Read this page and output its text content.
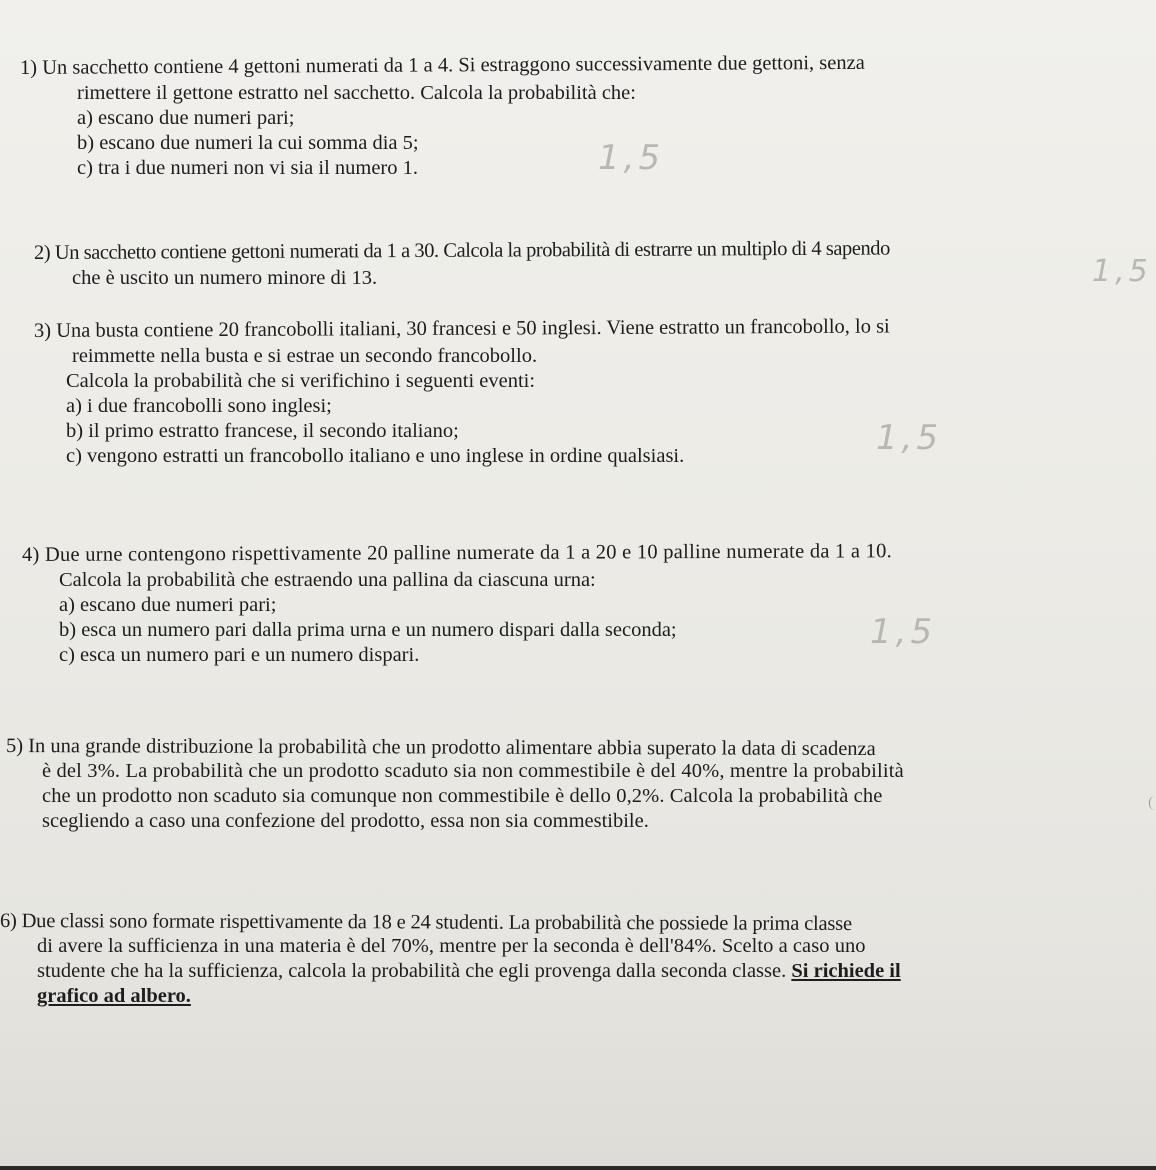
1) Un sacchetto contiene 4 gettoni numerati da 1 a 4. Si estraggono successivamente due gettoni, senza
rimettere il gettone estratto nel sacchetto. Calcola la probabilità che:
a) escano due numeri pari;
b) escano due numeri la cui somma dia 5;
c) tra i due numeri non vi sia il numero 1.	1,5
2) Un sacchetto contiene gettoni numerati da 1 a 30. Calcola la probabilità di estrarre un multiplo di 4 sapendo
che è uscito un numero minore di 13.	1,5
3) Una busta contiene 20 francobolli italiani, 30 francesi e 50 inglesi. Viene estratto un francobollo, lo si
reimmette nella busta e si estrae un secondo francobollo.
Calcola la probabilità che si verifichino i seguenti eventi:
a) i due francobolli sono inglesi;
b) il primo estratto francese, il secondo italiano;
c) vengono estratti un francobollo italiano e uno inglese in ordine qualsiasi.	1,5
4) Due urne contengono rispettivamente 20 palline numerate da 1 a 20 e 10 palline numerate da 1 a 10.
Calcola la probabilità che estraendo una pallina da ciascuna urna:
a) escano due numeri pari;
b) esca un numero pari dalla prima urna e un numero dispari dalla seconda;
c) esca un numero pari e un numero dispari.
1,5
5) In una grande distribuzione la probabilità che un prodotto alimentare abbia superato la data di scadenza
è del 3%. La probabilità che un prodotto scaduto sia non commestibile è del 40%, mentre la probabilità
che un prodotto non scaduto sia comunque non commestibile è dello 0,2%. Calcola la probabilità che
scegliendo a caso una confezione del prodotto, essa non sia commestibile.
6) Due classi sono formate rispettivamente da 18 e 24 studenti. La probabilità che possiede la prima classe
di avere la sufficienza in una materia è del 70%, mentre per la seconda è dell'84%. Scelto a caso uno
studente che ha la sufficienza, calcola la probabilità che egli provenga dalla seconda classe. Si richiede il
grafico ad albero.
